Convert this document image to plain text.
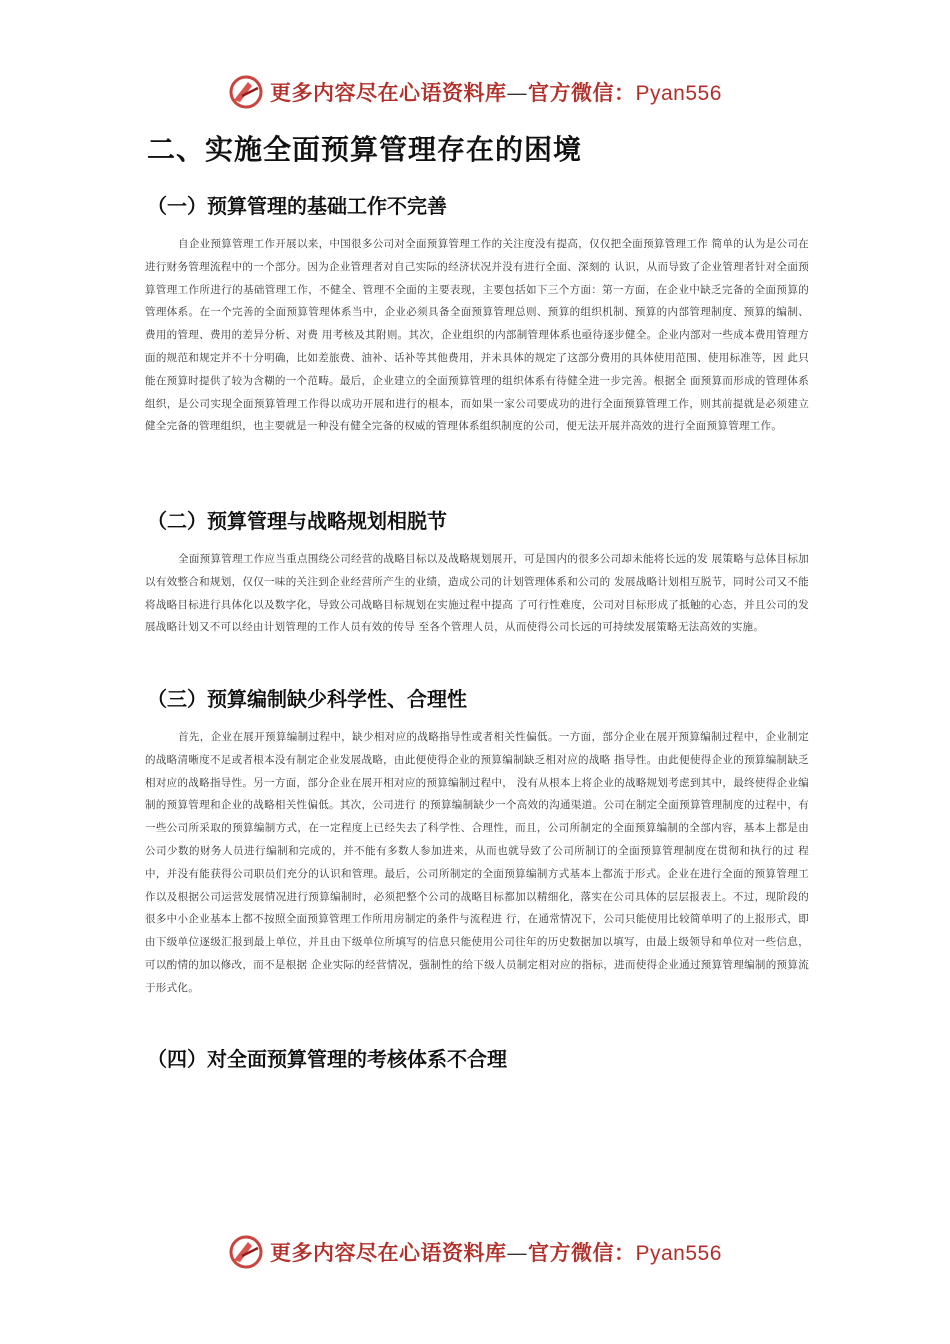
更多内容尽在心语资料库—官方微信：Pyan556
二、实施全面预算管理存在的困境
（一）预算管理的基础工作不完善
自企业预算管理工作开展以来，中国很多公司对全面预算管理工作的关注度没有提高，仅仅把全面预算管理工作 简单的认为是公司在进行财务管理流程中的一个部分。因为企业管理者对自己实际的经济状况并没有进行全面、深刻的 认识，从而导致了企业管理者针对全面预算管理工作所进行的基础管理工作，不健全、管理不全面的主要表现，主要包括如下三个方面：第一方面，在企业中缺乏完备的全面预算的管理体系。在一个完善的全面预算管理体系当中，企业必须具备全面预算管理总则、预算的组织机制、预算的内部管理制度、预算的编制、费用的管理、费用的差异分析、对费 用考核及其附则。其次，企业组织的内部制管理体系也亟待逐步健全。企业内部对一些成本费用管理方面的规范和规定并不十分明确，比如差旅费、油补、话补等其他费用，并未具体的规定了这部分费用的具体使用范围、使用标准等，因 此只能在预算时提供了较为含糊的一个范畴。最后，企业建立的全面预算管理的组织体系有待健全进一步完善。根据全 面预算而形成的管理体系组织，是公司实现全面预算管理工作得以成功开展和进行的根本，而如果一家公司要成功的进行全面预算管理工作，则其前提就是必须建立健全完备的管理组织，也主要就是一种没有健全完备的权威的管理体系组织制度的公司，便无法开展并高效的进行全面预算管理工作。
（二）预算管理与战略规划相脱节
全面预算管理工作应当重点围绕公司经营的战略目标以及战略规划展开，可是国内的很多公司却未能将长远的发 展策略与总体目标加以有效整合和规划，仅仅一味的关注到企业经营所产生的业绩，造成公司的计划管理体系和公司的 发展战略计划相互脱节，同时公司又不能将战略目标进行具体化以及数字化，导致公司战略目标规划在实施过程中提高 了可行性难度，公司对目标形成了抵触的心态，并且公司的发展战略计划又不可以经由计划管理的工作人员有效的传导 至各个管理人员，从而使得公司长远的可持续发展策略无法高效的实施。
（三）预算编制缺少科学性、合理性
首先，企业在展开预算编制过程中，缺少相对应的战略指导性或者相关性偏低。一方面，部分企业在展开预算编制过程中，企业制定的战略清晰度不足或者根本没有制定企业发展战略，由此便使得企业的预算编制缺乏相对应的战略 指导性。由此便使得企业的预算编制缺乏相对应的战略指导性。另一方面，部分企业在展开相对应的预算编制过程中， 没有从根本上将企业的战略规划考虑到其中，最终使得企业编制的预算管理和企业的战略相关性偏低。其次，公司进行 的预算编制缺少一个高效的沟通渠道。公司在制定全面预算管理制度的过程中，有一些公司所采取的预算编制方式，在一定程度上已经失去了科学性、合理性，而且，公司所制定的全面预算编制的全部内容，基本上都是由公司少数的财务人员进行编制和完成的，并不能有多数人参加进来，从而也就导致了公司所制订的全面预算管理制度在贯彻和执行的过 程中，并没有能获得公司职员们充分的认识和管理。最后，公司所制定的全面预算编制方式基本上都流于形式。企业在进行全面的预算管理工作以及根据公司运营发展情况进行预算编制时，必须把整个公司的战略目标都加以精细化，落实在公司具体的层层报表上。不过，现阶段的很多中小企业基本上都不按照全面预算管理工作所用房制定的条件与流程进 行，在通常情况下，公司只能使用比较简单明了的上报形式，即由下级单位逐级汇报到最上单位，并且由下级单位所填写的信息只能使用公司往年的历史数据加以填写，由最上级领导和单位对一些信息，可以酌情的加以修改，而不是根据 企业实际的经营情况，强制性的给下级人员制定相对应的指标，进而使得企业通过预算管理编制的预算流于形式化。
（四）对全面预算管理的考核体系不合理
更多内容尽在心语资料库—官方微信：Pyan556
